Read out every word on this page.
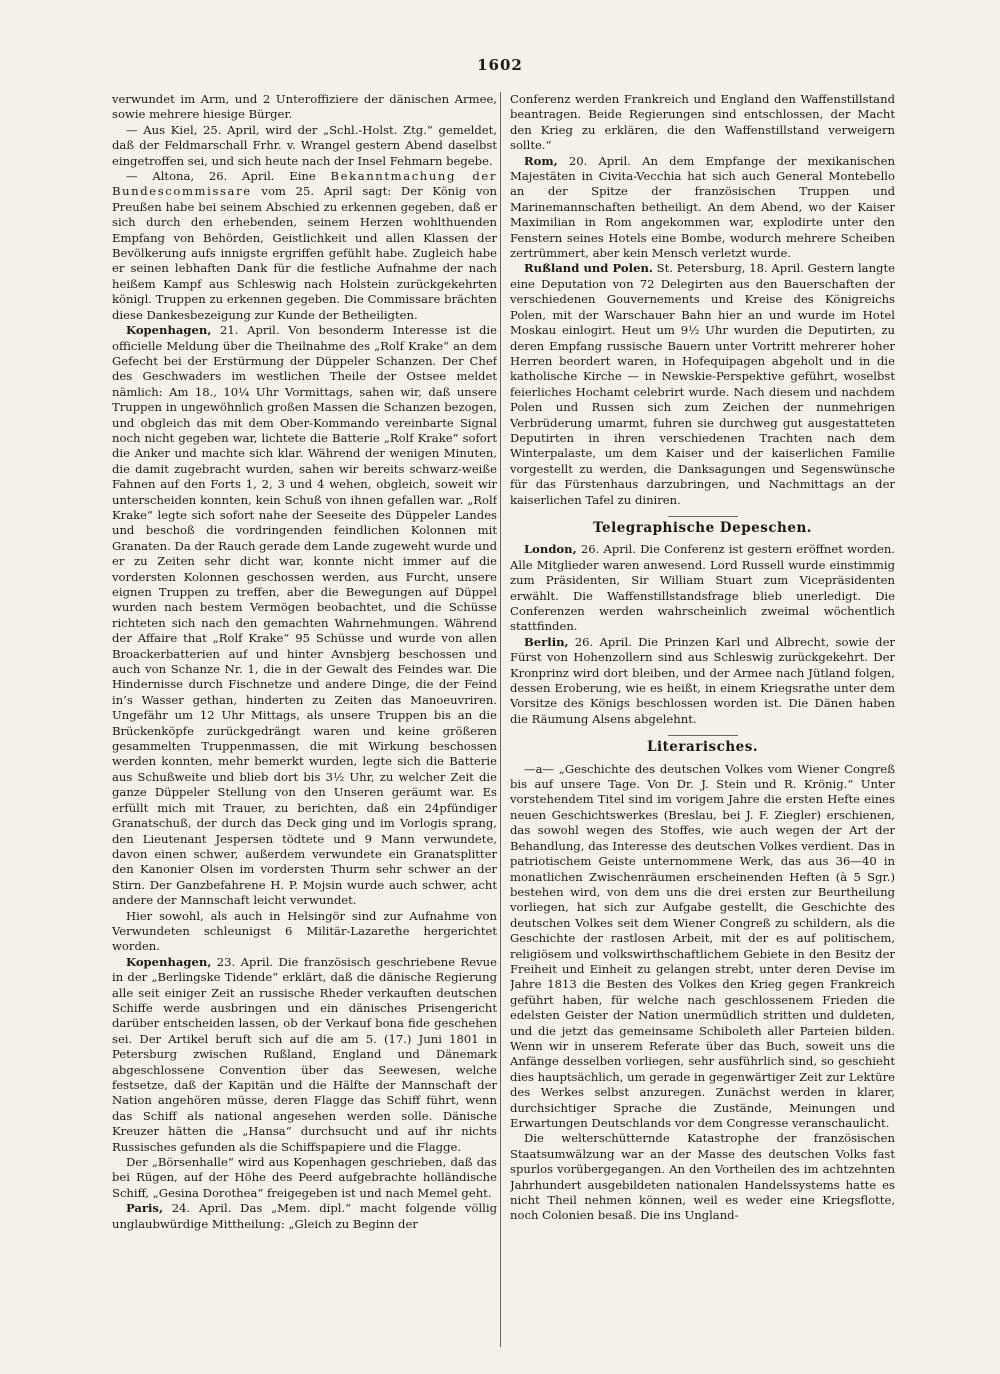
1602

verwundet im Arm, und 2 Unteroffiziere der dänischen Armee, sowie mehrere hiesige Bürger.

— Aus Kiel, 25. April, wird der „Schl.-Holst. Ztg.“ gemeldet, daß der Feldmarschall Frhr. v. Wrangel gestern Abend daselbst eingetroffen sei, und sich heute nach der Insel Fehmarn begebe.

— Altona, 26. April. Eine Bekanntmachung der Bundescommissare vom 25. April sagt: Der König von Preußen habe bei seinem Abschied zu erkennen gegeben, daß er sich durch den erhebenden, seinem Herzen wohlthuenden Empfang von Behörden, Geistlichkeit und allen Klassen der Bevölkerung aufs innigste ergriffen gefühlt habe. Zugleich habe er seinen lebhaften Dank für die festliche Aufnahme der nach heißem Kampf aus Schleswig nach Holstein zurückgekehrten königl. Truppen zu erkennen gegeben. Die Commissare brächten diese Dankesbezeigung zur Kunde der Betheiligten.

Kopenhagen, 21. April. Von besonderm Interesse ist die officielle Meldung über die Theilnahme des „Rolf Krake“ an dem Gefecht bei der Erstürmung der Düppeler Schanzen. Der Chef des Geschwaders im westlichen Theile der Ostsee meldet nämlich: Am 18., 10¼ Uhr Vormittags, sahen wir, daß unsere Truppen in ungewöhnlich großen Massen die Schanzen bezogen, und obgleich das mit dem Ober-Kommando vereinbarte Signal noch nicht gegeben war, lichtete die Batterie „Rolf Krake“ sofort die Anker und machte sich klar. Während der wenigen Minuten, die damit zugebracht wurden, sahen wir bereits schwarz-weiße Fahnen auf den Forts 1, 2, 3 und 4 wehen, obgleich, soweit wir unterscheiden konnten, kein Schuß von ihnen gefallen war. „Rolf Krake“ legte sich sofort nahe der Seeseite des Düppeler Landes und beschoß die vordringenden feindlichen Kolonnen mit Granaten. Da der Rauch gerade dem Lande zugeweht wurde und er zu Zeiten sehr dicht war, konnte nicht immer auf die vordersten Kolonnen geschossen werden, aus Furcht, unsere eignen Truppen zu treffen, aber die Bewegungen auf Düppel wurden nach bestem Vermögen beobachtet, und die Schüsse richteten sich nach den gemachten Wahrnehmungen. Während der Affaire that „Rolf Krake“ 95 Schüsse und wurde von allen Broackerbatterien auf und hinter Avnsbjerg beschossen und auch von Schanze Nr. 1, die in der Gewalt des Feindes war. Die Hindernisse durch Fischnetze und andere Dinge, die der Feind in’s Wasser gethan, hinderten zu Zeiten das Manoeuvriren. Ungefähr um 12 Uhr Mittags, als unsere Truppen bis an die Brückenköpfe zurückgedrängt waren und keine größeren gesammelten Truppenmassen, die mit Wirkung beschossen werden konnten, mehr bemerkt wurden, legte sich die Batterie aus Schußweite und blieb dort bis 3½ Uhr, zu welcher Zeit die ganze Düppeler Stellung von den Unseren geräumt war. Es erfüllt mich mit Trauer, zu berichten, daß ein 24pfündiger Granatschuß, der durch das Deck ging und im Vorlogis sprang, den Lieutenant Jespersen tödtete und 9 Mann verwundete, davon einen schwer, außerdem verwundete ein Granatsplitter den Kanonier Olsen im vordersten Thurm sehr schwer an der Stirn. Der Ganzbefahrene H. P. Mojsin wurde auch schwer, acht andere der Mannschaft leicht verwundet.

Hier sowohl, als auch in Helsingör sind zur Aufnahme von Verwundeten schleunigst 6 Militär-Lazarethe hergerichtet worden.

Kopenhagen, 23. April. Die französisch geschriebene Revue in der „Berlingske Tidende“ erklärt, daß die dänische Regierung alle seit einiger Zeit an russische Rheder verkauften deutschen Schiffe werde ausbringen und ein dänisches Prisengericht darüber entscheiden lassen, ob der Verkauf bona fide geschehen sei. Der Artikel beruft sich auf die am 5. (17.) Juni 1801 in Petersburg zwischen Rußland, England und Dänemark abgeschlossene Convention über das Seewesen, welche festsetze, daß der Kapitän und die Hälfte der Mannschaft der Nation angehören müsse, deren Flagge das Schiff führt, wenn das Schiff als national angesehen werden solle. Dänische Kreuzer hätten die „Hansa“ durchsucht und auf ihr nichts Russisches gefunden als die Schiffspapiere und die Flagge.

Der „Börsenhalle“ wird aus Kopenhagen geschrieben, daß das bei Rügen, auf der Höhe des Peerd aufgebrachte holländische Schiff, „Gesina Dorothea“ freigegeben ist und nach Memel geht.

Paris, 24. April. Das „Mem. dipl.“ macht folgende völlig unglaubwürdige Mittheilung: „Gleich zu Beginn der

Conferenz werden Frankreich und England den Waffenstillstand beantragen. Beide Regierungen sind entschlossen, der Macht den Krieg zu erklären, die den Waffenstillstand verweigern sollte.“

Rom, 20. April. An dem Empfange der mexikanischen Majestäten in Civita-Vecchia hat sich auch General Montebello an der Spitze der französischen Truppen und Marinemannschaften betheiligt. An dem Abend, wo der Kaiser Maximilian in Rom angekommen war, explodirte unter den Fenstern seines Hotels eine Bombe, wodurch mehrere Scheiben zertrümmert, aber kein Mensch verletzt wurde.

Rußland und Polen. St. Petersburg, 18. April. Gestern langte eine Deputation von 72 Delegirten aus den Bauerschaften der verschiedenen Gouvernements und Kreise des Königreichs Polen, mit der Warschauer Bahn hier an und wurde im Hotel Moskau einlogirt. Heut um 9½ Uhr wurden die Deputirten, zu deren Empfang russische Bauern unter Vortritt mehrerer hoher Herren beordert waren, in Hofequipagen abgeholt und in die katholische Kirche — in Newskie-Perspektive geführt, woselbst feierliches Hochamt celebrirt wurde. Nach diesem und nachdem Polen und Russen sich zum Zeichen der nunmehrigen Verbrüderung umarmt, fuhren sie durchweg gut ausgestatteten Deputirten in ihren verschiedenen Trachten nach dem Winterpalaste, um dem Kaiser und der kaiserlichen Familie vorgestellt zu werden, die Danksagungen und Segenswünsche für das Fürstenhaus darzubringen, und Nachmittags an der kaiserlichen Tafel zu diniren.

Telegraphische Depeschen.

London, 26. April. Die Conferenz ist gestern eröffnet worden. Alle Mitglieder waren anwesend. Lord Russell wurde einstimmig zum Präsidenten, Sir William Stuart zum Vicepräsidenten erwählt. Die Waffenstillstandsfrage blieb unerledigt. Die Conferenzen werden wahrscheinlich zweimal wöchentlich stattfinden.

Berlin, 26. April. Die Prinzen Karl und Albrecht, sowie der Fürst von Hohenzollern sind aus Schleswig zurückgekehrt. Der Kronprinz wird dort bleiben, und der Armee nach Jütland folgen, dessen Eroberung, wie es heißt, in einem Kriegsrathe unter dem Vorsitze des Königs beschlossen worden ist. Die Dänen haben die Räumung Alsens abgelehnt.

Literarisches.

—a— „Geschichte des deutschen Volkes vom Wiener Congreß bis auf unsere Tage. Von Dr. J. Stein und R. Krönig.“ Unter vorstehendem Titel sind im vorigem Jahre die ersten Hefte eines neuen Geschichtswerkes (Breslau, bei J. F. Ziegler) erschienen, das sowohl wegen des Stoffes, wie auch wegen der Art der Behandlung, das Interesse des deutschen Volkes verdient. Das in patriotischem Geiste unternommene Werk, das aus 36—40 in monatlichen Zwischenräumen erscheinenden Heften (à 5 Sgr.) bestehen wird, von dem uns die drei ersten zur Beurtheilung vorliegen, hat sich zur Aufgabe gestellt, die Geschichte des deutschen Volkes seit dem Wiener Congreß zu schildern, als die Geschichte der rastlosen Arbeit, mit der es auf politischem, religiösem und volkswirthschaftlichem Gebiete in den Besitz der Freiheit und Einheit zu gelangen strebt, unter deren Devise im Jahre 1813 die Besten des Volkes den Krieg gegen Frankreich geführt haben, für welche nach geschlossenem Frieden die edelsten Geister der Nation unermüdlich stritten und duldeten, und die jetzt das gemeinsame Schiboleth aller Parteien bilden. Wenn wir in unserem Referate über das Buch, soweit uns die Anfänge desselben vorliegen, sehr ausführlich sind, so geschieht dies hauptsächlich, um gerade in gegenwärtiger Zeit zur Lektüre des Werkes selbst anzuregen. Zunächst werden in klarer, durchsichtiger Sprache die Zustände, Meinungen und Erwartungen Deutschlands vor dem Congresse veranschaulicht.

Die welterschütternde Katastrophe der französischen Staatsumwälzung war an der Masse des deutschen Volks fast spurlos vorübergegangen. An den Vortheilen des im achtzehnten Jahrhundert ausgebildeten nationalen Handelssystems hatte es nicht Theil nehmen können, weil es weder eine Kriegsflotte, noch Colonien besaß. Die ins Ungland-
